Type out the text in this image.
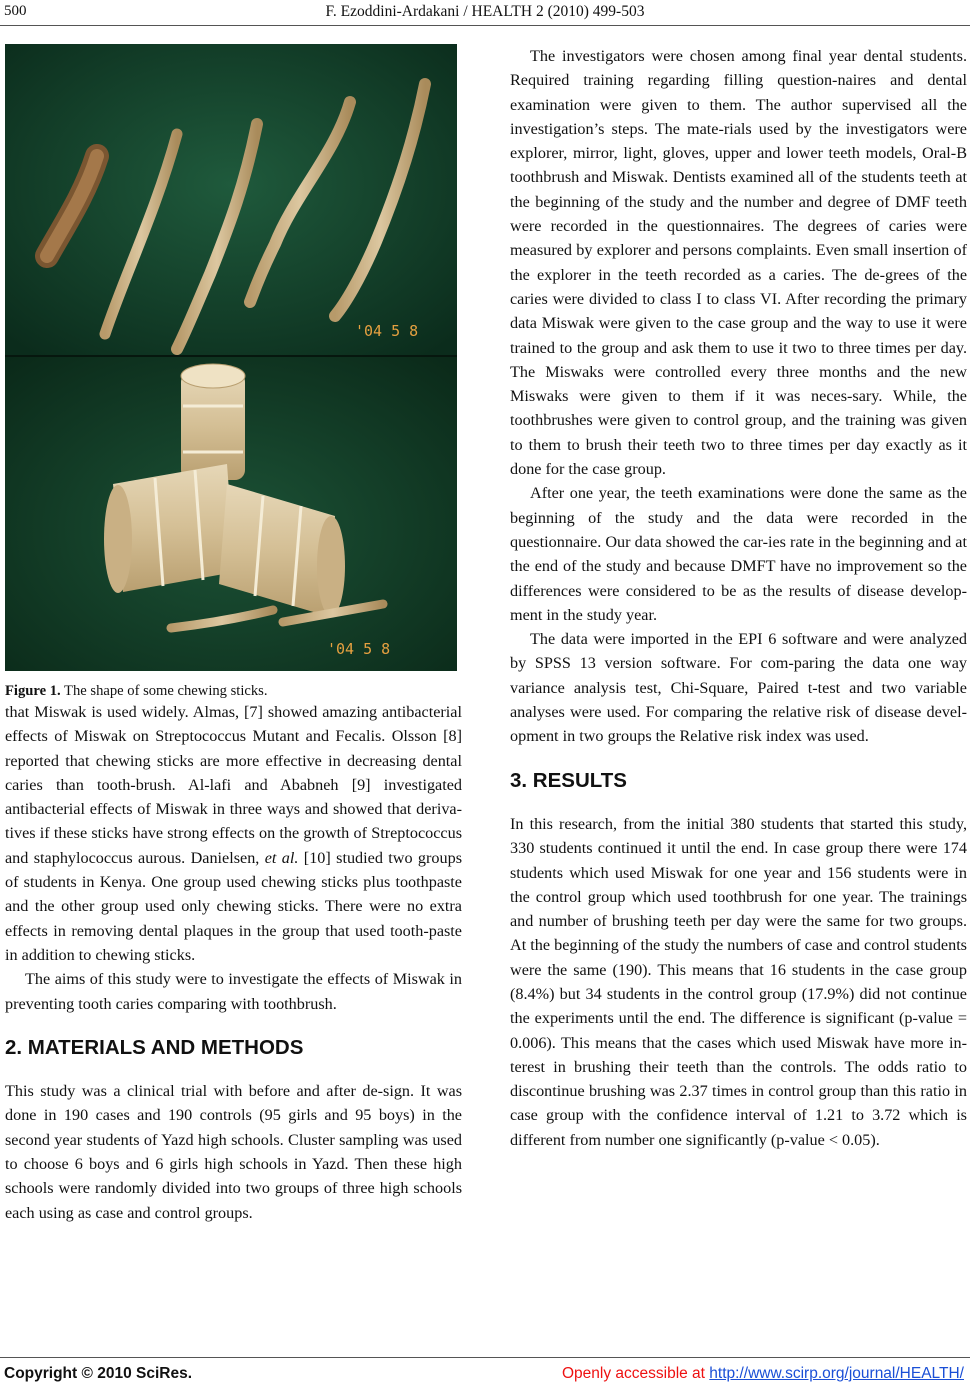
500	F. Ezoddini-Ardakani / HEALTH 2 (2010) 499-503
'04 5 8
'04 5 8
Figure 1. The shape of some chewing sticks.

that Miswak is used widely. Almas, [7] showed amazing antibacterial effects of Miswak on Streptococcus Mutant and Fecalis. Olsson [8] reported that chewing sticks are more effective in decreasing dental caries than tooth-brush. Al-lafi and Ababneh [9] investigated antibacterial effects of Miswak in three ways and showed that deriva-tives if these sticks have strong effects on the growth of Streptococcus and staphylococcus aurous. Danielsen, et al. [10] studied two groups of students in Kenya. One group used chewing sticks plus toothpaste and the other group used only chewing sticks. There were no extra effects in removing dental plaques in the group that used tooth-paste in addition to chewing sticks.

The aims of this study were to investigate the effects of Miswak in preventing tooth caries comparing with toothbrush.

2. MATERIALS AND METHODS

This study was a clinical trial with before and after de-sign. It was done in 190 cases and 190 controls (95 girls and 95 boys) in the second year students of Yazd high schools. Cluster sampling was used to choose 6 boys and 6 girls high schools in Yazd. Then these high schools were randomly divided into two groups of three high schools each using as case and control groups.

The investigators were chosen among final year dental students. Required training regarding filling question-naires and dental examination were given to them. The author supervised all the investigation’s steps. The mate-rials used by the investigators were explorer, mirror, light, gloves, upper and lower teeth models, Oral-B toothbrush and Miswak. Dentists examined all of the students teeth at the beginning of the study and the number and degree of DMF teeth were recorded in the questionnaires. The degrees of caries were measured by explorer and persons complaints. Even small insertion of the explorer in the teeth recorded as a caries. The de-grees of the caries were divided to class I to class VI. After recording the primary data Miswak were given to the case group and the way to use it were trained to the group and ask them to use it two to three times per day. The Miswaks were controlled every three months and the new Miswaks were given to them if it was neces-sary. While, the toothbrushes were given to control group, and the training was given to them to brush their teeth two to three times per day exactly as it done for the case group.

After one year, the teeth examinations were done the same as the beginning of the study and the data were recorded in the questionnaire. Our data showed the car-ies rate in the beginning and at the end of the study and because DMFT have no improvement so the differences were considered to be as the results of disease develop-ment in the study year.

The data were imported in the EPI 6 software and were analyzed by SPSS 13 version software. For com-paring the data one way variance analysis test, Chi-Square, Paired t-test and two variable analyses were used. For comparing the relative risk of disease devel-opment in two groups the Relative risk index was used.

3. RESULTS

In this research, from the initial 380 students that started this study, 330 students continued it until the end. In case group there were 174 students which used Miswak for one year and 156 students were in the control group which used toothbrush for one year. The trainings and number of brushing teeth per day were the same for two groups. At the beginning of the study the numbers of case and control students were the same (190). This means that 16 students in the case group (8.4%) but 34 students in the control group (17.9%) did not continue the experiments until the end. The difference is significant (p-value = 0.006). This means that the cases which used Miswak have more in-terest in brushing their teeth than the controls. The odds ratio to discontinue brushing was 2.37 times in control group than this ratio in case group with the confidence interval of 1.21 to 3.72 which is different from number one significantly (p-value < 0.05).

Copyright © 2010 SciRes.	Openly accessible at http://www.scirp.org/journal/HEALTH/
